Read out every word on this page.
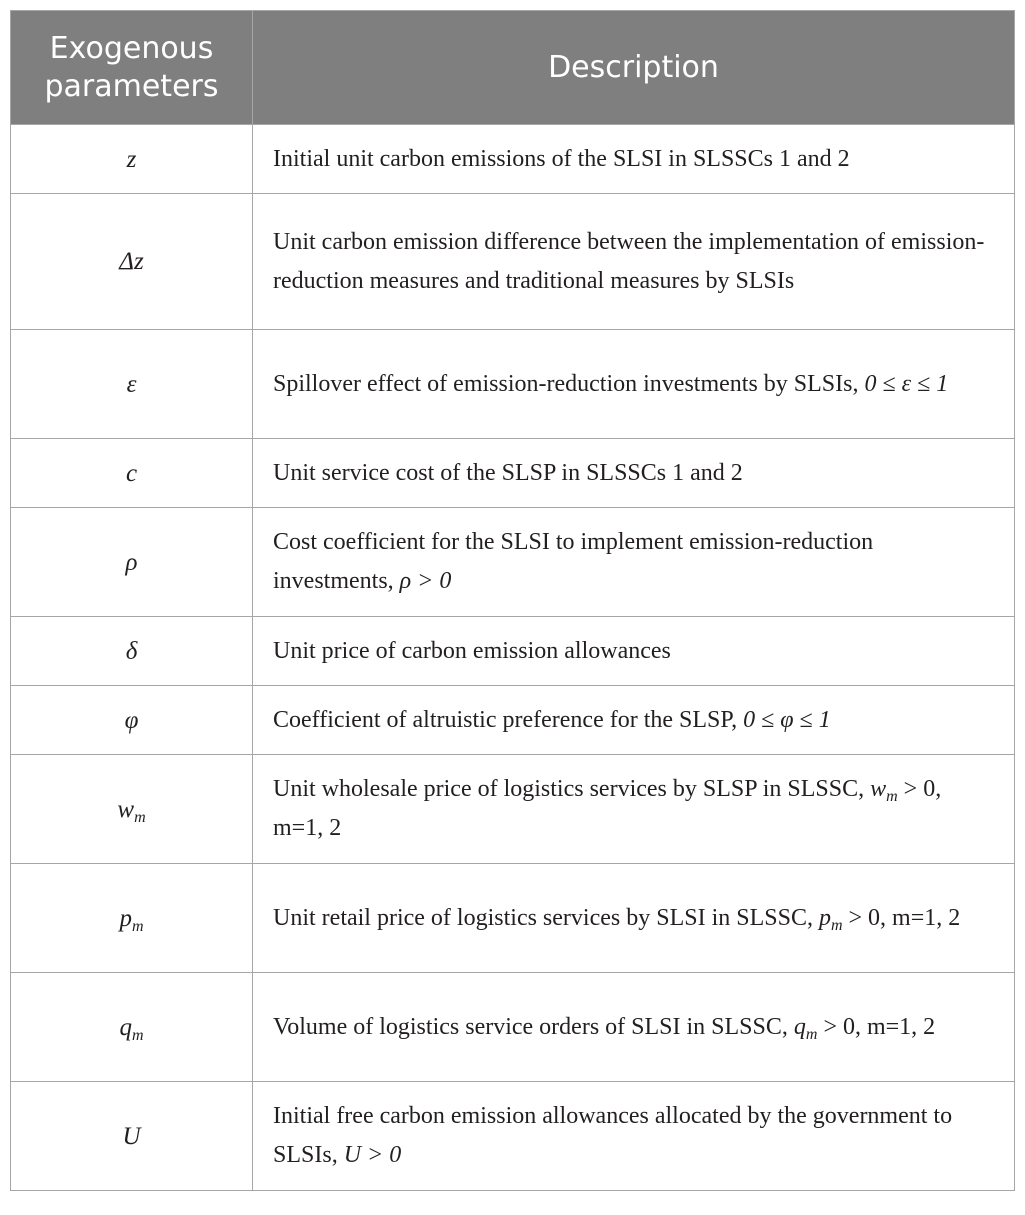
Exogenous parameters	Description
z	Initial unit carbon emissions of the SLSI in SLSSCs 1 and 2
Δz	Unit carbon emission difference between the implementation of emission-reduction measures and traditional measures by SLSIs
ε	Spillover effect of emission-reduction investments by SLSIs, 0 ≤ ε ≤ 1
c	Unit service cost of the SLSP in SLSSCs 1 and 2
ρ	Cost coefficient for the SLSI to implement emission-reduction investments, ρ > 0
δ	Unit price of carbon emission allowances
φ	Coefficient of altruistic preference for the SLSP, 0 ≤ φ ≤ 1
$w_m$	Unit wholesale price of logistics services by SLSP in SLSSC, $w_m > 0$, m=1, 2
$p_m$	Unit retail price of logistics services by SLSI in SLSSC, $p_m > 0$, m=1, 2
$q_m$	Volume of logistics service orders of SLSI in SLSSC, $q_m > 0$, m=1, 2
U	Initial free carbon emission allowances allocated by the government to SLSIs, U > 0
